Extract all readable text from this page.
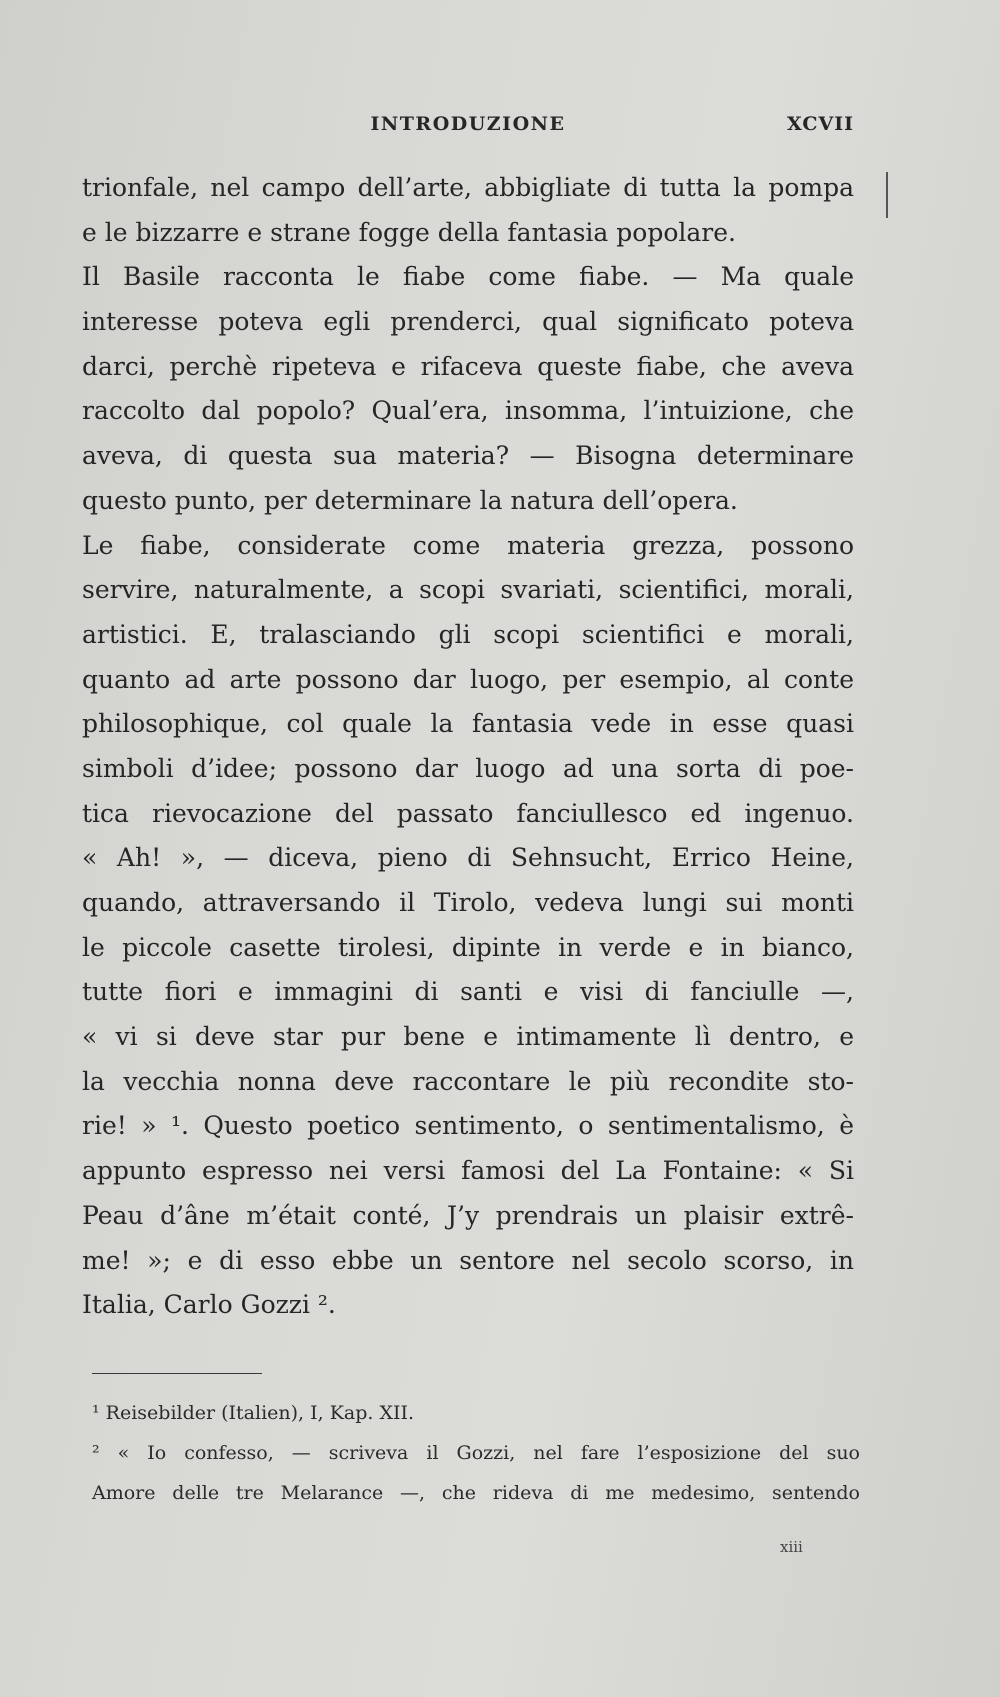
INTRODUZIONE	XCVII
trionfale, nel campo dell’arte, abbigliate di tutta la pompa
e le bizzarre e strane fogge della fantasia popolare.
Il Basile racconta le fiabe come fiabe. — Ma quale
interesse poteva egli prenderci, qual significato poteva
darci, perchè ripeteva e rifaceva queste fiabe, che aveva
raccolto dal popolo? Qual’era, insomma, l’intuizione, che
aveva, di questa sua materia? — Bisogna determinare
questo punto, per determinare la natura dell’opera.
Le fiabe, considerate come materia grezza, possono
servire, naturalmente, a scopi svariati, scientifici, morali,
artistici. E, tralasciando gli scopi scientifici e morali,
quanto ad arte possono dar luogo, per esempio, al conte
philosophique, col quale la fantasia vede in esse quasi
simboli d’idee; possono dar luogo ad una sorta di poe-
tica rievocazione del passato fanciullesco ed ingenuo.
« Ah! », — diceva, pieno di Sehnsucht, Errico Heine,
quando, attraversando il Tirolo, vedeva lungi sui monti
le piccole casette tirolesi, dipinte in verde e in bianco,
tutte fiori e immagini di santi e visi di fanciulle —,
« vi si deve star pur bene e intimamente lì dentro, e
la vecchia nonna deve raccontare le più recondite sto-
rie! » ¹. Questo poetico sentimento, o sentimentalismo, è
appunto espresso nei versi famosi del La Fontaine: « Si
Peau d’âne m’était conté, J’y prendrais un plaisir extrê-
me! »; e di esso ebbe un sentore nel secolo scorso, in
Italia, Carlo Gozzi ².
¹ Reisebilder (Italien), I, Kap. XII.
² « Io confesso, — scriveva il Gozzi, nel fare l’esposizione del suo
Amore delle tre Melarance —, che rideva di me medesimo, sentendo
xiii
